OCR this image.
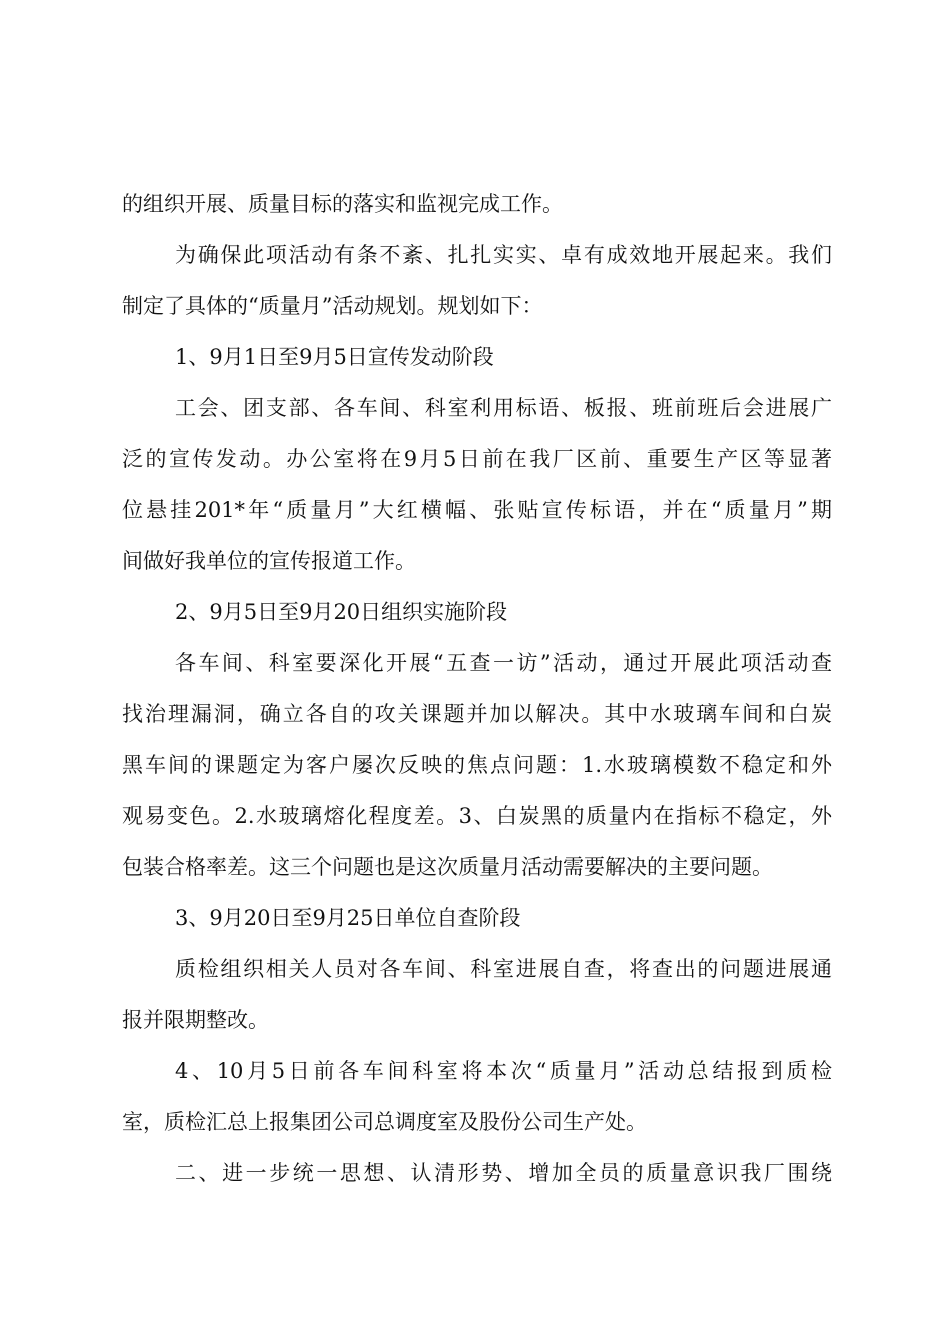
的组织开展、质量目标的落实和监视完成工作。
为确保此项活动有条不紊、扎扎实实、卓有成效地开展起来。我们
制定了具体的“质量月”活动规划。规划如下：
1、9月1日至9月5日宣传发动阶段
工会、团支部、各车间、科室利用标语、板报、班前班后会进展广
泛的宣传发动。办公室将在9月5日前在我厂区前、重要生产区等显著
位悬挂201*年“质量月”大红横幅、张贴宣传标语，并在“质量月”期
间做好我单位的宣传报道工作。
2、9月5日至9月20日组织实施阶段
各车间、科室要深化开展“五查一访”活动，通过开展此项活动查
找治理漏洞，确立各自的攻关课题并加以解决。其中水玻璃车间和白炭
黑车间的课题定为客户屡次反映的焦点问题：1.水玻璃模数不稳定和外
观易变色。2.水玻璃熔化程度差。3、白炭黑的质量内在指标不稳定，外
包装合格率差。这三个问题也是这次质量月活动需要解决的主要问题。
3、9月20日至9月25日单位自查阶段
质检组织相关人员对各车间、科室进展自查，将查出的问题进展通
报并限期整改。
4、10月5日前各车间科室将本次“质量月”活动总结报到质检
室，质检汇总上报集团公司总调度室及股份公司生产处。
二、进一步统一思想、认清形势、增加全员的质量意识我厂围绕
